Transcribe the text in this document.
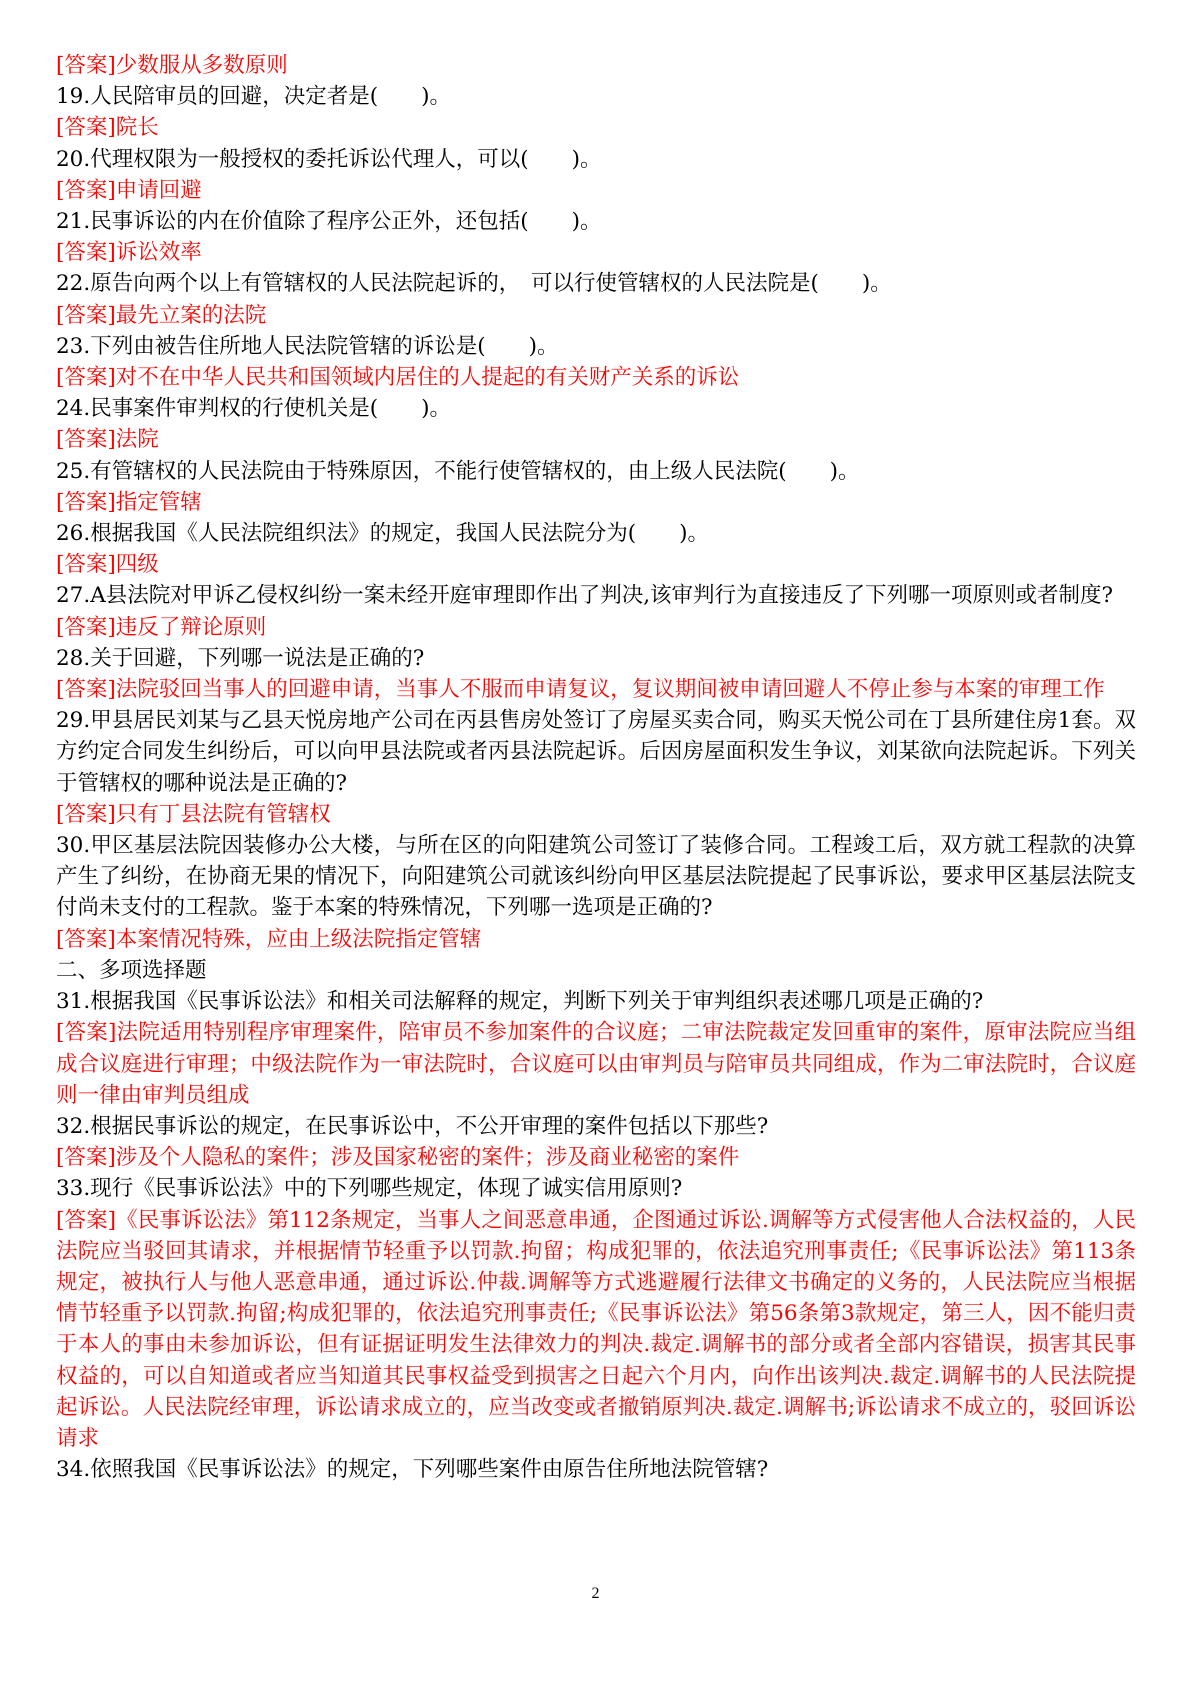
[答案]少数服从多数原则

19.人民陪审员的回避，决定者是(　　)。

[答案]院长

20.代理权限为一般授权的委托诉讼代理人，可以(　　)。

[答案]申请回避

21.民事诉讼的内在价值除了程序公正外，还包括(　　)。

[答案]诉讼效率

22.原告向两个以上有管辖权的人民法院起诉的，　可以行使管辖权的人民法院是(　　)。

[答案]最先立案的法院

23.下列由被告住所地人民法院管辖的诉讼是(　　)。

[答案]对不在中华人民共和国领域内居住的人提起的有关财产关系的诉讼

24.民事案件审判权的行使机关是(　　)。

[答案]法院

25.有管辖权的人民法院由于特殊原因，不能行使管辖权的，由上级人民法院(　　)。

[答案]指定管辖

26.根据我国《人民法院组织法》的规定，我国人民法院分为(　　)。

[答案]四级

27.A县法院对甲诉乙侵权纠纷一案未经开庭审理即作出了判决,该审判行为直接违反了下列哪一项原则或者制度?

[答案]违反了辩论原则

28.关于回避，下列哪一说法是正确的?

[答案]法院驳回当事人的回避申请，当事人不服而申请复议，复议期间被申请回避人不停止参与本案的审理工作

29.甲县居民刘某与乙县天悦房地产公司在丙县售房处签订了房屋买卖合同，购买天悦公司在丁县所建住房1套。双方约定合同发生纠纷后，可以向甲县法院或者丙县法院起诉。后因房屋面积发生争议，刘某欲向法院起诉。下列关于管辖权的哪种说法是正确的?

[答案]只有丁县法院有管辖权

30.甲区基层法院因装修办公大楼，与所在区的向阳建筑公司签订了装修合同。工程竣工后，双方就工程款的决算产生了纠纷，在协商无果的情况下，向阳建筑公司就该纠纷向甲区基层法院提起了民事诉讼，要求甲区基层法院支付尚未支付的工程款。鉴于本案的特殊情况，下列哪一选项是正确的?

[答案]本案情况特殊，应由上级法院指定管辖

二、多项选择题

31.根据我国《民事诉讼法》和相关司法解释的规定，判断下列关于审判组织表述哪几项是正确的?

[答案]法院适用特别程序审理案件，陪审员不参加案件的合议庭；二审法院裁定发回重审的案件，原审法院应当组成合议庭进行审理；中级法院作为一审法院时，合议庭可以由审判员与陪审员共同组成，作为二审法院时，合议庭则一律由审判员组成

32.根据民事诉讼的规定，在民事诉讼中，不公开审理的案件包括以下那些?

[答案]涉及个人隐私的案件；涉及国家秘密的案件；涉及商业秘密的案件

33.现行《民事诉讼法》中的下列哪些规定，体现了诚实信用原则?

[答案]《民事诉讼法》第112条规定，当事人之间恶意串通，企图通过诉讼.调解等方式侵害他人合法权益的，人民法院应当驳回其请求，并根据情节轻重予以罚款.拘留；构成犯罪的，依法追究刑事责任;《民事诉讼法》第113条规定，被执行人与他人恶意串通，通过诉讼.仲裁.调解等方式逃避履行法律文书确定的义务的，人民法院应当根据情节轻重予以罚款.拘留;构成犯罪的，依法追究刑事责任;《民事诉讼法》第56条第3款规定，第三人，因不能归责于本人的事由未参加诉讼，但有证据证明发生法律效力的判决.裁定.调解书的部分或者全部内容错误，损害其民事权益的，可以自知道或者应当知道其民事权益受到损害之日起六个月内，向作出该判决.裁定.调解书的人民法院提起诉讼。人民法院经审理，诉讼请求成立的，应当改变或者撤销原判决.裁定.调解书;诉讼请求不成立的，驳回诉讼请求

34.依照我国《民事诉讼法》的规定，下列哪些案件由原告住所地法院管辖?

2
